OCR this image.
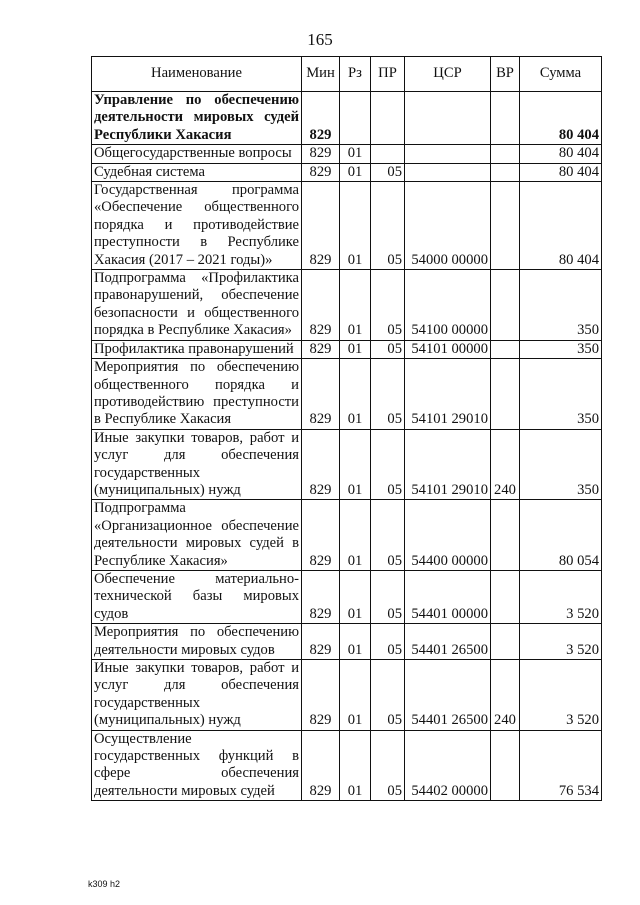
165
Наименование	Мин	Рз	ПР	ЦСР	ВР	Сумма
Управление по обеспечению деятельности мировых судей Республики Хакасия	829					80 404
Общегосударственные вопросы	829	01				80 404
Судебная система	829	01	05			80 404
Государственная программа «Обеспечение общественного порядка и противодействие преступности в Республике Хакасия (2017 – 2021 годы)»	829	01	05	54000 00000		80 404
Подпрограмма «Профилактика правонарушений, обеспечение безопасности и общественного порядка в Республике Хакасия»	829	01	05	54100 00000		350
Профилактика правонарушений	829	01	05	54101 00000		350
Мероприятия по обеспечению общественного порядка и противодействию преступности в Республике Хакасия	829	01	05	54101 29010		350
Иные закупки товаров, работ и услуг для обеспечения государственных (муниципальных) нужд	829	01	05	54101 29010	240	350
Подпрограмма «Организационное обеспечение деятельности мировых судей в Республике Хакасия»	829	01	05	54400 00000		80 054
Обеспечение материально-технической базы мировых судов	829	01	05	54401 00000		3 520
Мероприятия по обеспечению деятельности мировых судов	829	01	05	54401 26500		3 520
Иные закупки товаров, работ и услуг для обеспечения государственных (муниципальных) нужд	829	01	05	54401 26500	240	3 520
Осуществление государственных функций в сфере обеспечения деятельности мировых судей	829	01	05	54402 00000		76 534
k309 h2
